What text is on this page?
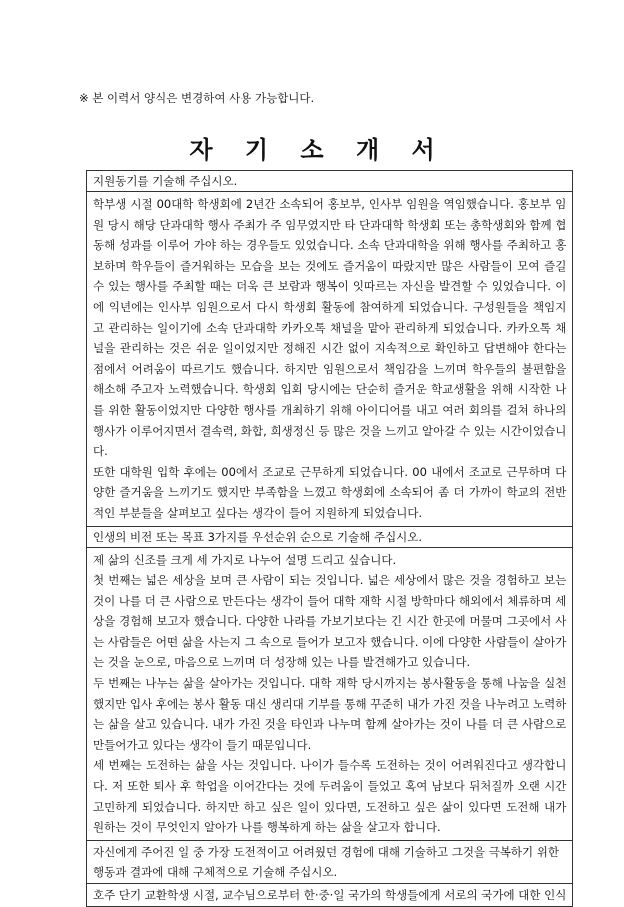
※ 본 이력서 양식은 변경하여 사용 가능합니다.
자 기 소 개 서
지원동기를 기술해 주십시오.
학부생 시절 00대학 학생회에 2년간 소속되어 홍보부, 인사부 임원을 역임했습니다. 홍보부 임원 당시 해당 단과대학 행사 주최가 주 임무였지만 타 단과대학 학생회 또는 총학생회와 함께 협동해 성과를 이루어 가야 하는 경우들도 있었습니다. 소속 단과대학을 위해 행사를 주최하고 홍보하며 학우들이 즐거워하는 모습을 보는 것에도 즐거움이 따랐지만 많은 사람들이 모여 즐길 수 있는 행사를 주최할 때는 더욱 큰 보람과 행복이 잇따르는 자신을 발견할 수 있었습니다. 이에 익년에는 인사부 임원으로서 다시 학생회 활동에 참여하게 되었습니다. 구성원들을 책임지고 관리하는 일이기에 소속 단과대학 카카오톡 채널을 맡아 관리하게 되었습니다. 카카오톡 채널을 관리하는 것은 쉬운 일이었지만 정해진 시간 없이 지속적으로 확인하고 답변해야 한다는 점에서 어려움이 따르기도 했습니다. 하지만 임원으로서 책임감을 느끼며 학우들의 불편함을 해소해 주고자 노력했습니다. 학생회 입회 당시에는 단순히 즐거운 학교생활을 위해 시작한 나를 위한 활동이었지만 다양한 행사를 개최하기 위해 아이디어를 내고 여러 회의를 걸쳐 하나의 행사가 이루어지면서 결속력, 화합, 희생정신 등 많은 것을 느끼고 알아갈 수 있는 시간이었습니다.
또한 대학원 입학 후에는 00에서 조교로 근무하게 되었습니다. 00 내에서 조교로 근무하며 다양한 즐거움을 느끼기도 했지만 부족함을 느꼈고 학생회에 소속되어 좀 더 가까이 학교의 전반적인 부분들을 살펴보고 싶다는 생각이 들어 지원하게 되었습니다.
인생의 비전 또는 목표 3가지를 우선순위 순으로 기술해 주십시오.
제 삶의 신조를 크게 세 가지로 나누어 설명 드리고 싶습니다.
첫 번째는 넓은 세상을 보며 큰 사람이 되는 것입니다. 넓은 세상에서 많은 것을 경험하고 보는 것이 나를 더 큰 사람으로 만든다는 생각이 들어 대학 재학 시절 방학마다 해외에서 체류하며 세상을 경험해 보고자 했습니다. 다양한 나라를 가보기보다는 긴 시간 한곳에 머물며 그곳에서 사는 사람들은 어떤 삶을 사는지 그 속으로 들어가 보고자 했습니다. 이에 다양한 사람들이 살아가는 것을 눈으로, 마음으로 느끼며 더 성장해 있는 나를 발견해가고 있습니다.
두 번째는 나누는 삶을 살아가는 것입니다. 대학 재학 당시까지는 봉사활동을 통해 나눔을 실천했지만 입사 후에는 봉사 활동 대신 생리대 기부를 통해 꾸준히 내가 가진 것을 나누려고 노력하는 삶을 살고 있습니다. 내가 가진 것을 타인과 나누며 함께 살아가는 것이 나를 더 큰 사람으로 만들어가고 있다는 생각이 들기 때문입니다.
세 번째는 도전하는 삶을 사는 것입니다. 나이가 들수록 도전하는 것이 어려워진다고 생각합니다. 저 또한 퇴사 후 학업을 이어간다는 것에 두려움이 들었고 혹여 남보다 뒤처질까 오랜 시간 고민하게 되었습니다. 하지만 하고 싶은 일이 있다면, 도전하고 싶은 삶이 있다면 도전해 내가 원하는 것이 무엇인지 알아가 나를 행복하게 하는 삶을 살고자 합니다.
자신에게 주어진 일 중 가장 도전적이고 어려웠던 경험에 대해 기술하고 그것을 극복하기 위한 행동과 결과에 대해 구체적으로 기술해 주십시오.
호주 단기 교환학생 시절, 교수님으로부터 한·중·일 국가의 학생들에게 서로의 국가에 대한 인식
